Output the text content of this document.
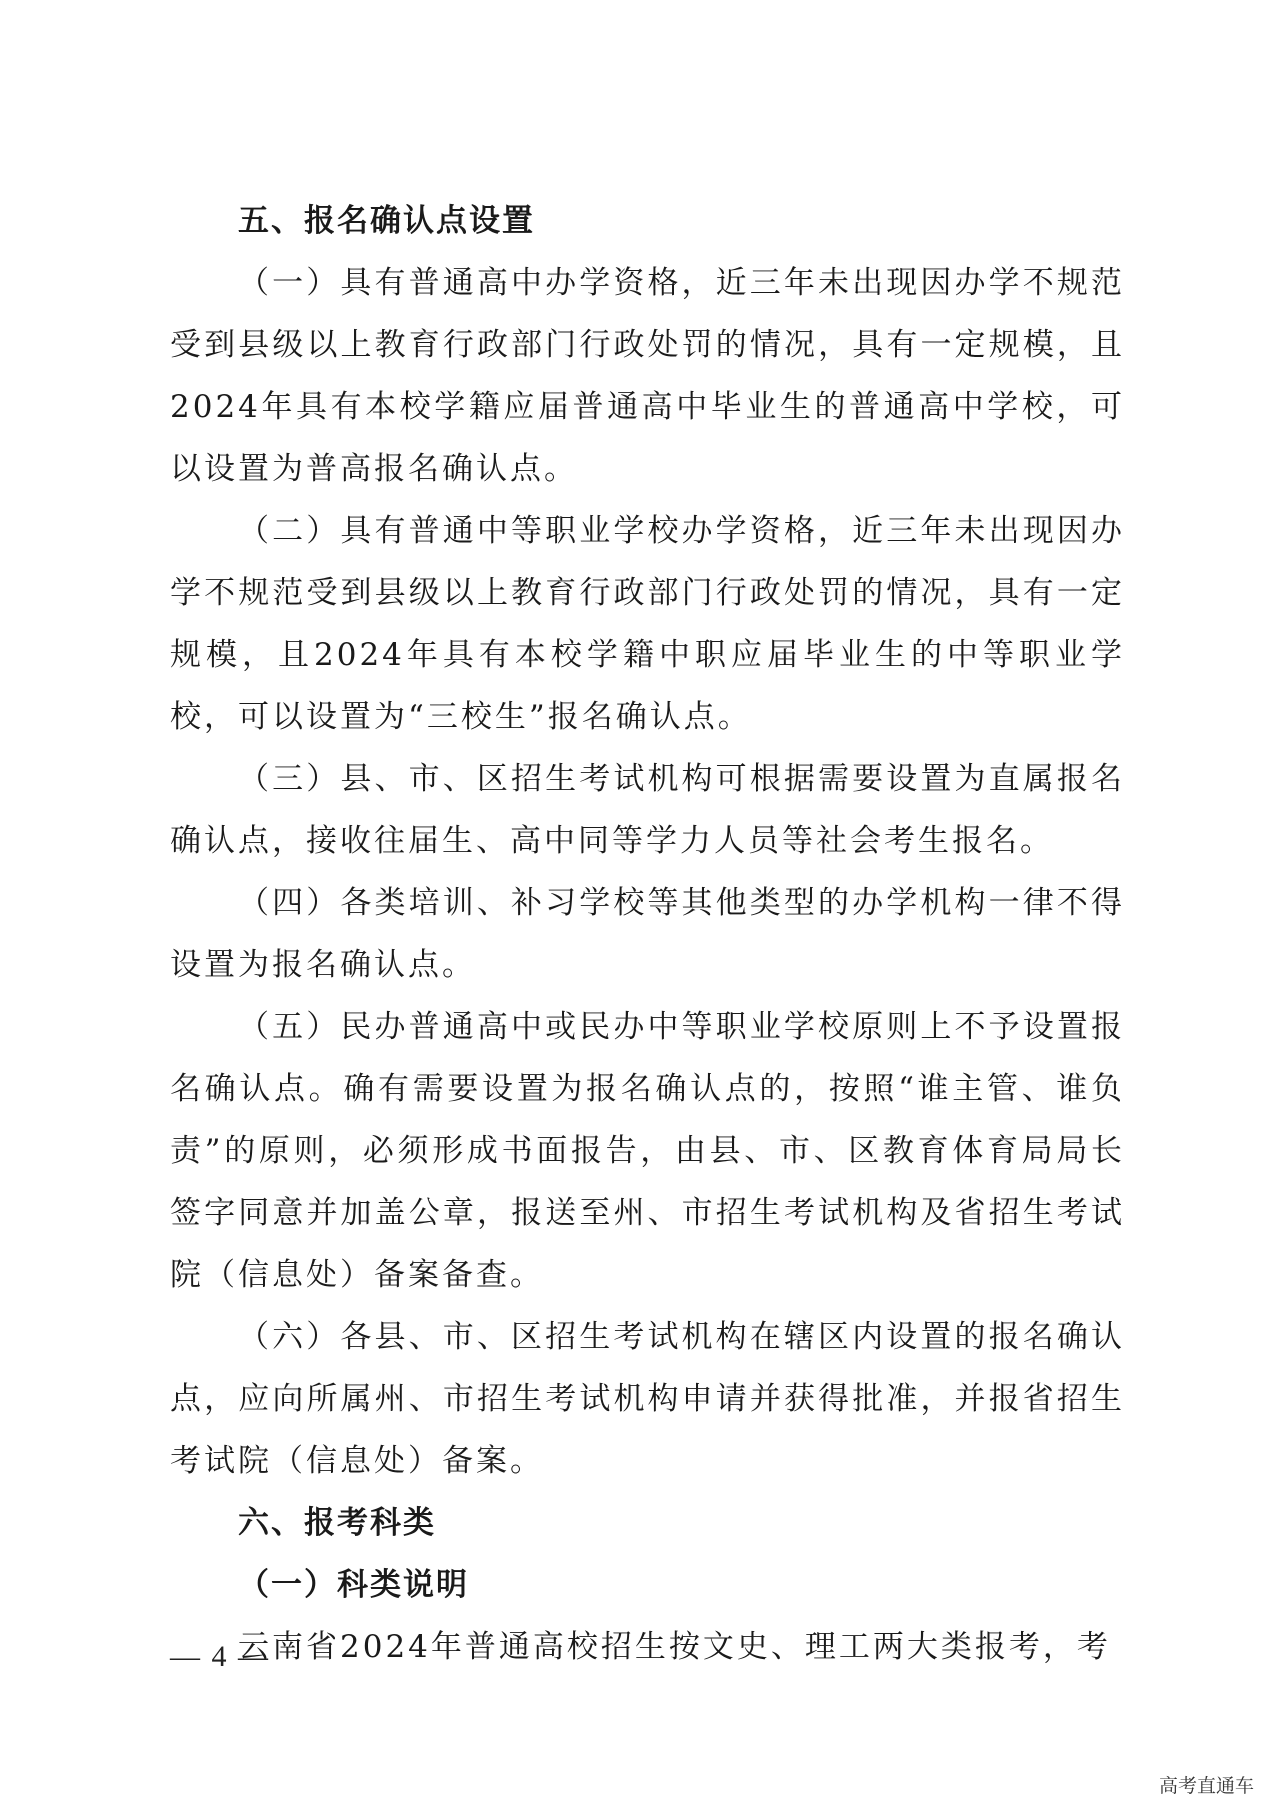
五、报名确认点设置

（一）具有普通高中办学资格，近三年未出现因办学不规范受到县级以上教育行政部门行政处罚的情况，具有一定规模，且2024年具有本校学籍应届普通高中毕业生的普通高中学校，可以设置为普高报名确认点。

（二）具有普通中等职业学校办学资格，近三年未出现因办学不规范受到县级以上教育行政部门行政处罚的情况，具有一定规模，且2024年具有本校学籍中职应届毕业生的中等职业学校，可以设置为“三校生”报名确认点。

（三）县、市、区招生考试机构可根据需要设置为直属报名确认点，接收往届生、高中同等学力人员等社会考生报名。

（四）各类培训、补习学校等其他类型的办学机构一律不得设置为报名确认点。

（五）民办普通高中或民办中等职业学校原则上不予设置报名确认点。确有需要设置为报名确认点的，按照“谁主管、谁负责”的原则，必须形成书面报告，由县、市、区教育体育局局长签字同意并加盖公章，报送至州、市招生考试机构及省招生考试院（信息处）备案备查。

（六）各县、市、区招生考试机构在辖区内设置的报名确认点，应向所属州、市招生考试机构申请并获得批准，并报省招生考试院（信息处）备案。

六、报考科类

（一）科类说明

云南省2024年普通高校招生按文史、理工两大类报考，考

— 4 —
高考直通车
